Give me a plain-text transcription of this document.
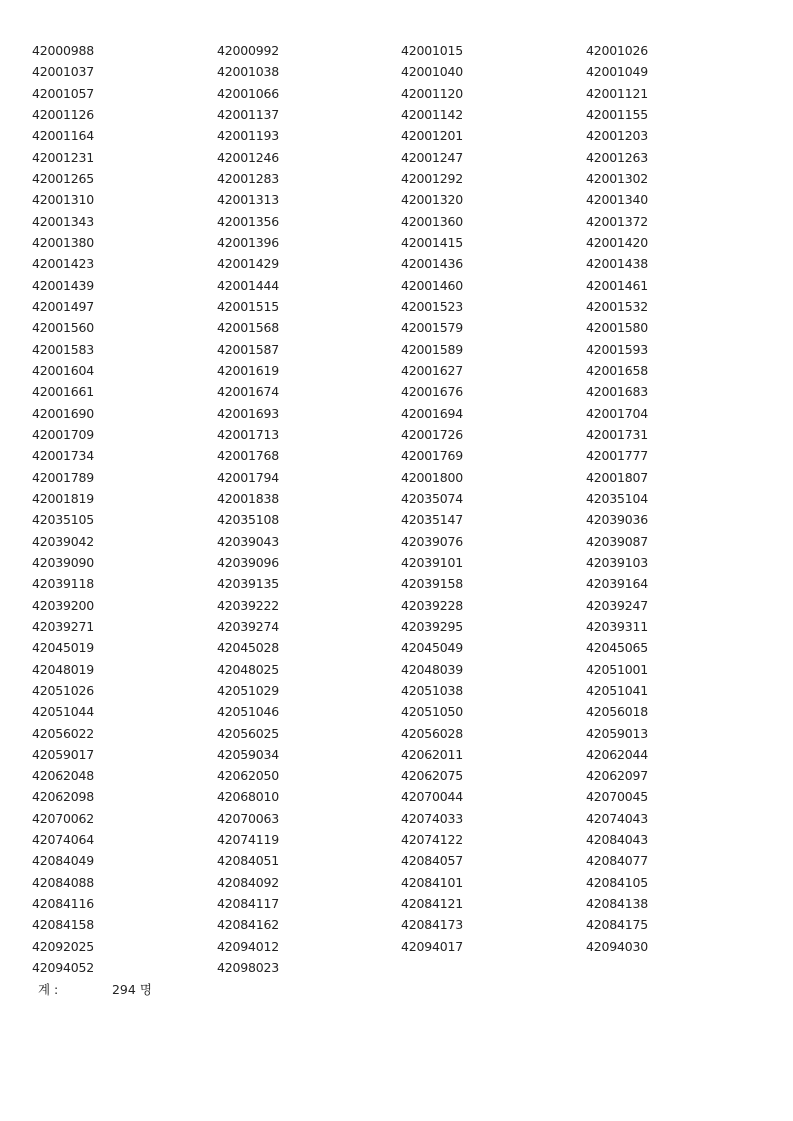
42000988	42000992	42001015	42001026
42001037	42001038	42001040	42001049
42001057	42001066	42001120	42001121
42001126	42001137	42001142	42001155
42001164	42001193	42001201	42001203
42001231	42001246	42001247	42001263
42001265	42001283	42001292	42001302
42001310	42001313	42001320	42001340
42001343	42001356	42001360	42001372
42001380	42001396	42001415	42001420
42001423	42001429	42001436	42001438
42001439	42001444	42001460	42001461
42001497	42001515	42001523	42001532
42001560	42001568	42001579	42001580
42001583	42001587	42001589	42001593
42001604	42001619	42001627	42001658
42001661	42001674	42001676	42001683
42001690	42001693	42001694	42001704
42001709	42001713	42001726	42001731
42001734	42001768	42001769	42001777
42001789	42001794	42001800	42001807
42001819	42001838	42035074	42035104
42035105	42035108	42035147	42039036
42039042	42039043	42039076	42039087
42039090	42039096	42039101	42039103
42039118	42039135	42039158	42039164
42039200	42039222	42039228	42039247
42039271	42039274	42039295	42039311
42045019	42045028	42045049	42045065
42048019	42048025	42048039	42051001
42051026	42051029	42051038	42051041
42051044	42051046	42051050	42056018
42056022	42056025	42056028	42059013
42059017	42059034	42062011	42062044
42062048	42062050	42062075	42062097
42062098	42068010	42070044	42070045
42070062	42070063	42074033	42074043
42074064	42074119	42074122	42084043
42084049	42084051	42084057	42084077
42084088	42084092	42084101	42084105
42084116	42084117	42084121	42084138
42084158	42084162	42084173	42084175
42092025	42094012	42094017	42094030
42094052	42098023
계 :	294 명
